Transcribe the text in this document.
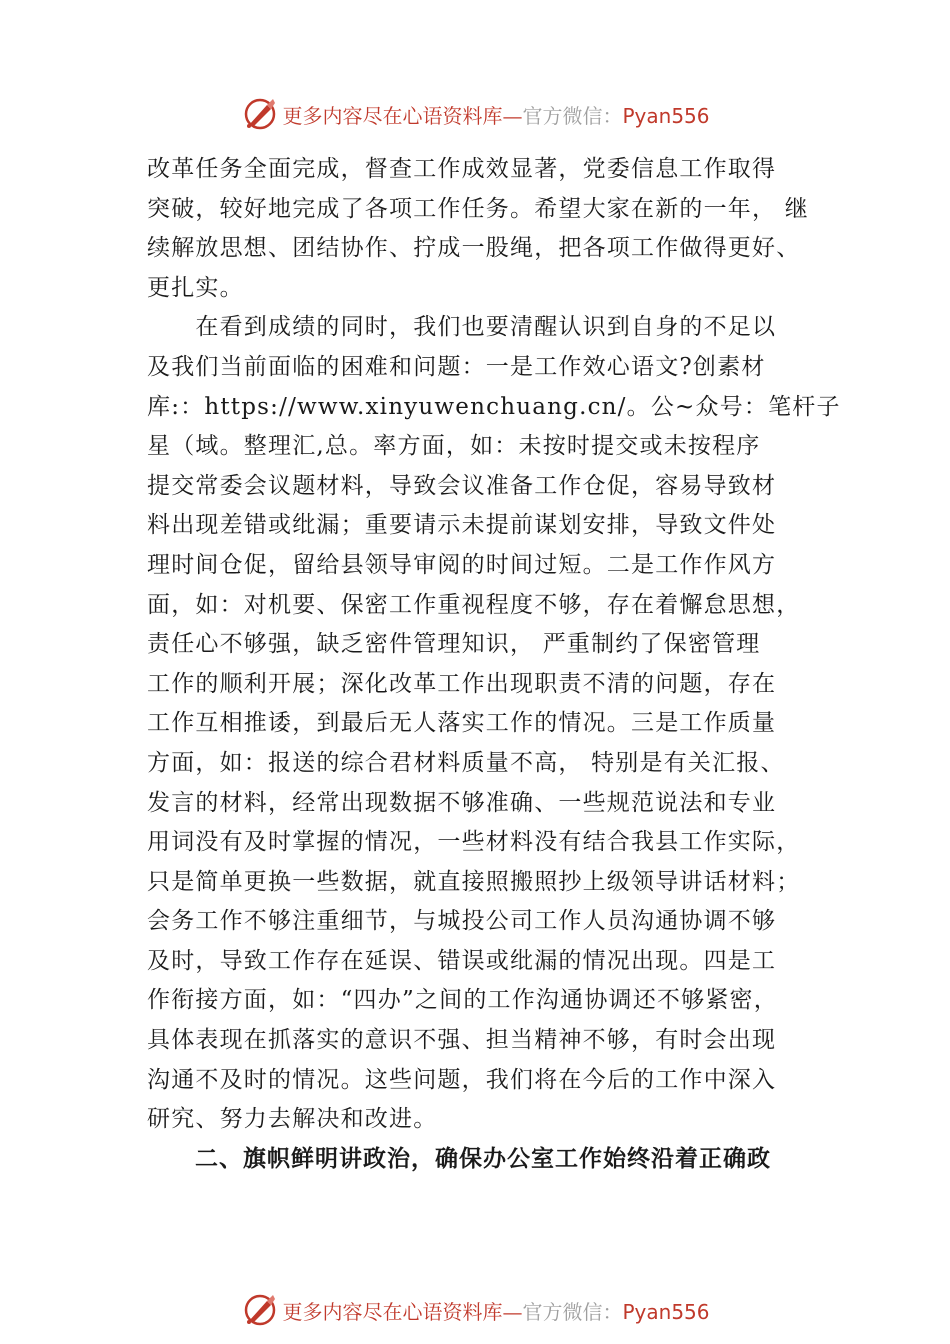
更多内容尽在心语资料库—官方微信：Pyan556
改革任务全面完成，督查工作成效显著，党委信息工作取得
突破，较好地完成了各项工作任务。希望大家在新的一年， 继
续解放思想、团结协作、拧成一股绳，把各项工作做得更好、
更扎实。
　　在看到成绩的同时，我们也要清醒认识到自身的不足以
及我们当前面临的困难和问题：一是工作效心语文?创素材
库:：https://www.xinyuwenchuang.cn/。公~众号：笔杆子
星（域。整理汇,总。率方面，如：未按时提交或未按程序
提交常委会议题材料，导致会议准备工作仓促，容易导致材
料出现差错或纰漏；重要请示未提前谋划安排，导致文件处
理时间仓促，留给县领导审阅的时间过短。二是工作作风方
面，如：对机要、保密工作重视程度不够，存在着懈怠思想，
责任心不够强，缺乏密件管理知识， 严重制约了保密管理
工作的顺利开展；深化改革工作出现职责不清的问题，存在
工作互相推诿，到最后无人落实工作的情况。三是工作质量
方面，如：报送的综合君材料质量不高， 特别是有关汇报、
发言的材料，经常出现数据不够准确、一些规范说法和专业
用词没有及时掌握的情况，一些材料没有结合我县工作实际，
只是简单更换一些数据，就直接照搬照抄上级领导讲话材料；
会务工作不够注重细节，与城投公司工作人员沟通协调不够
及时，导致工作存在延误、错误或纰漏的情况出现。四是工
作衔接方面，如：“四办”之间的工作沟通协调还不够紧密，
具体表现在抓落实的意识不强、担当精神不够，有时会出现
沟通不及时的情况。这些问题，我们将在今后的工作中深入
研究、努力去解决和改进。
　　二、旗帜鲜明讲政治，确保办公室工作始终沿着正确政
更多内容尽在心语资料库—官方微信：Pyan556
